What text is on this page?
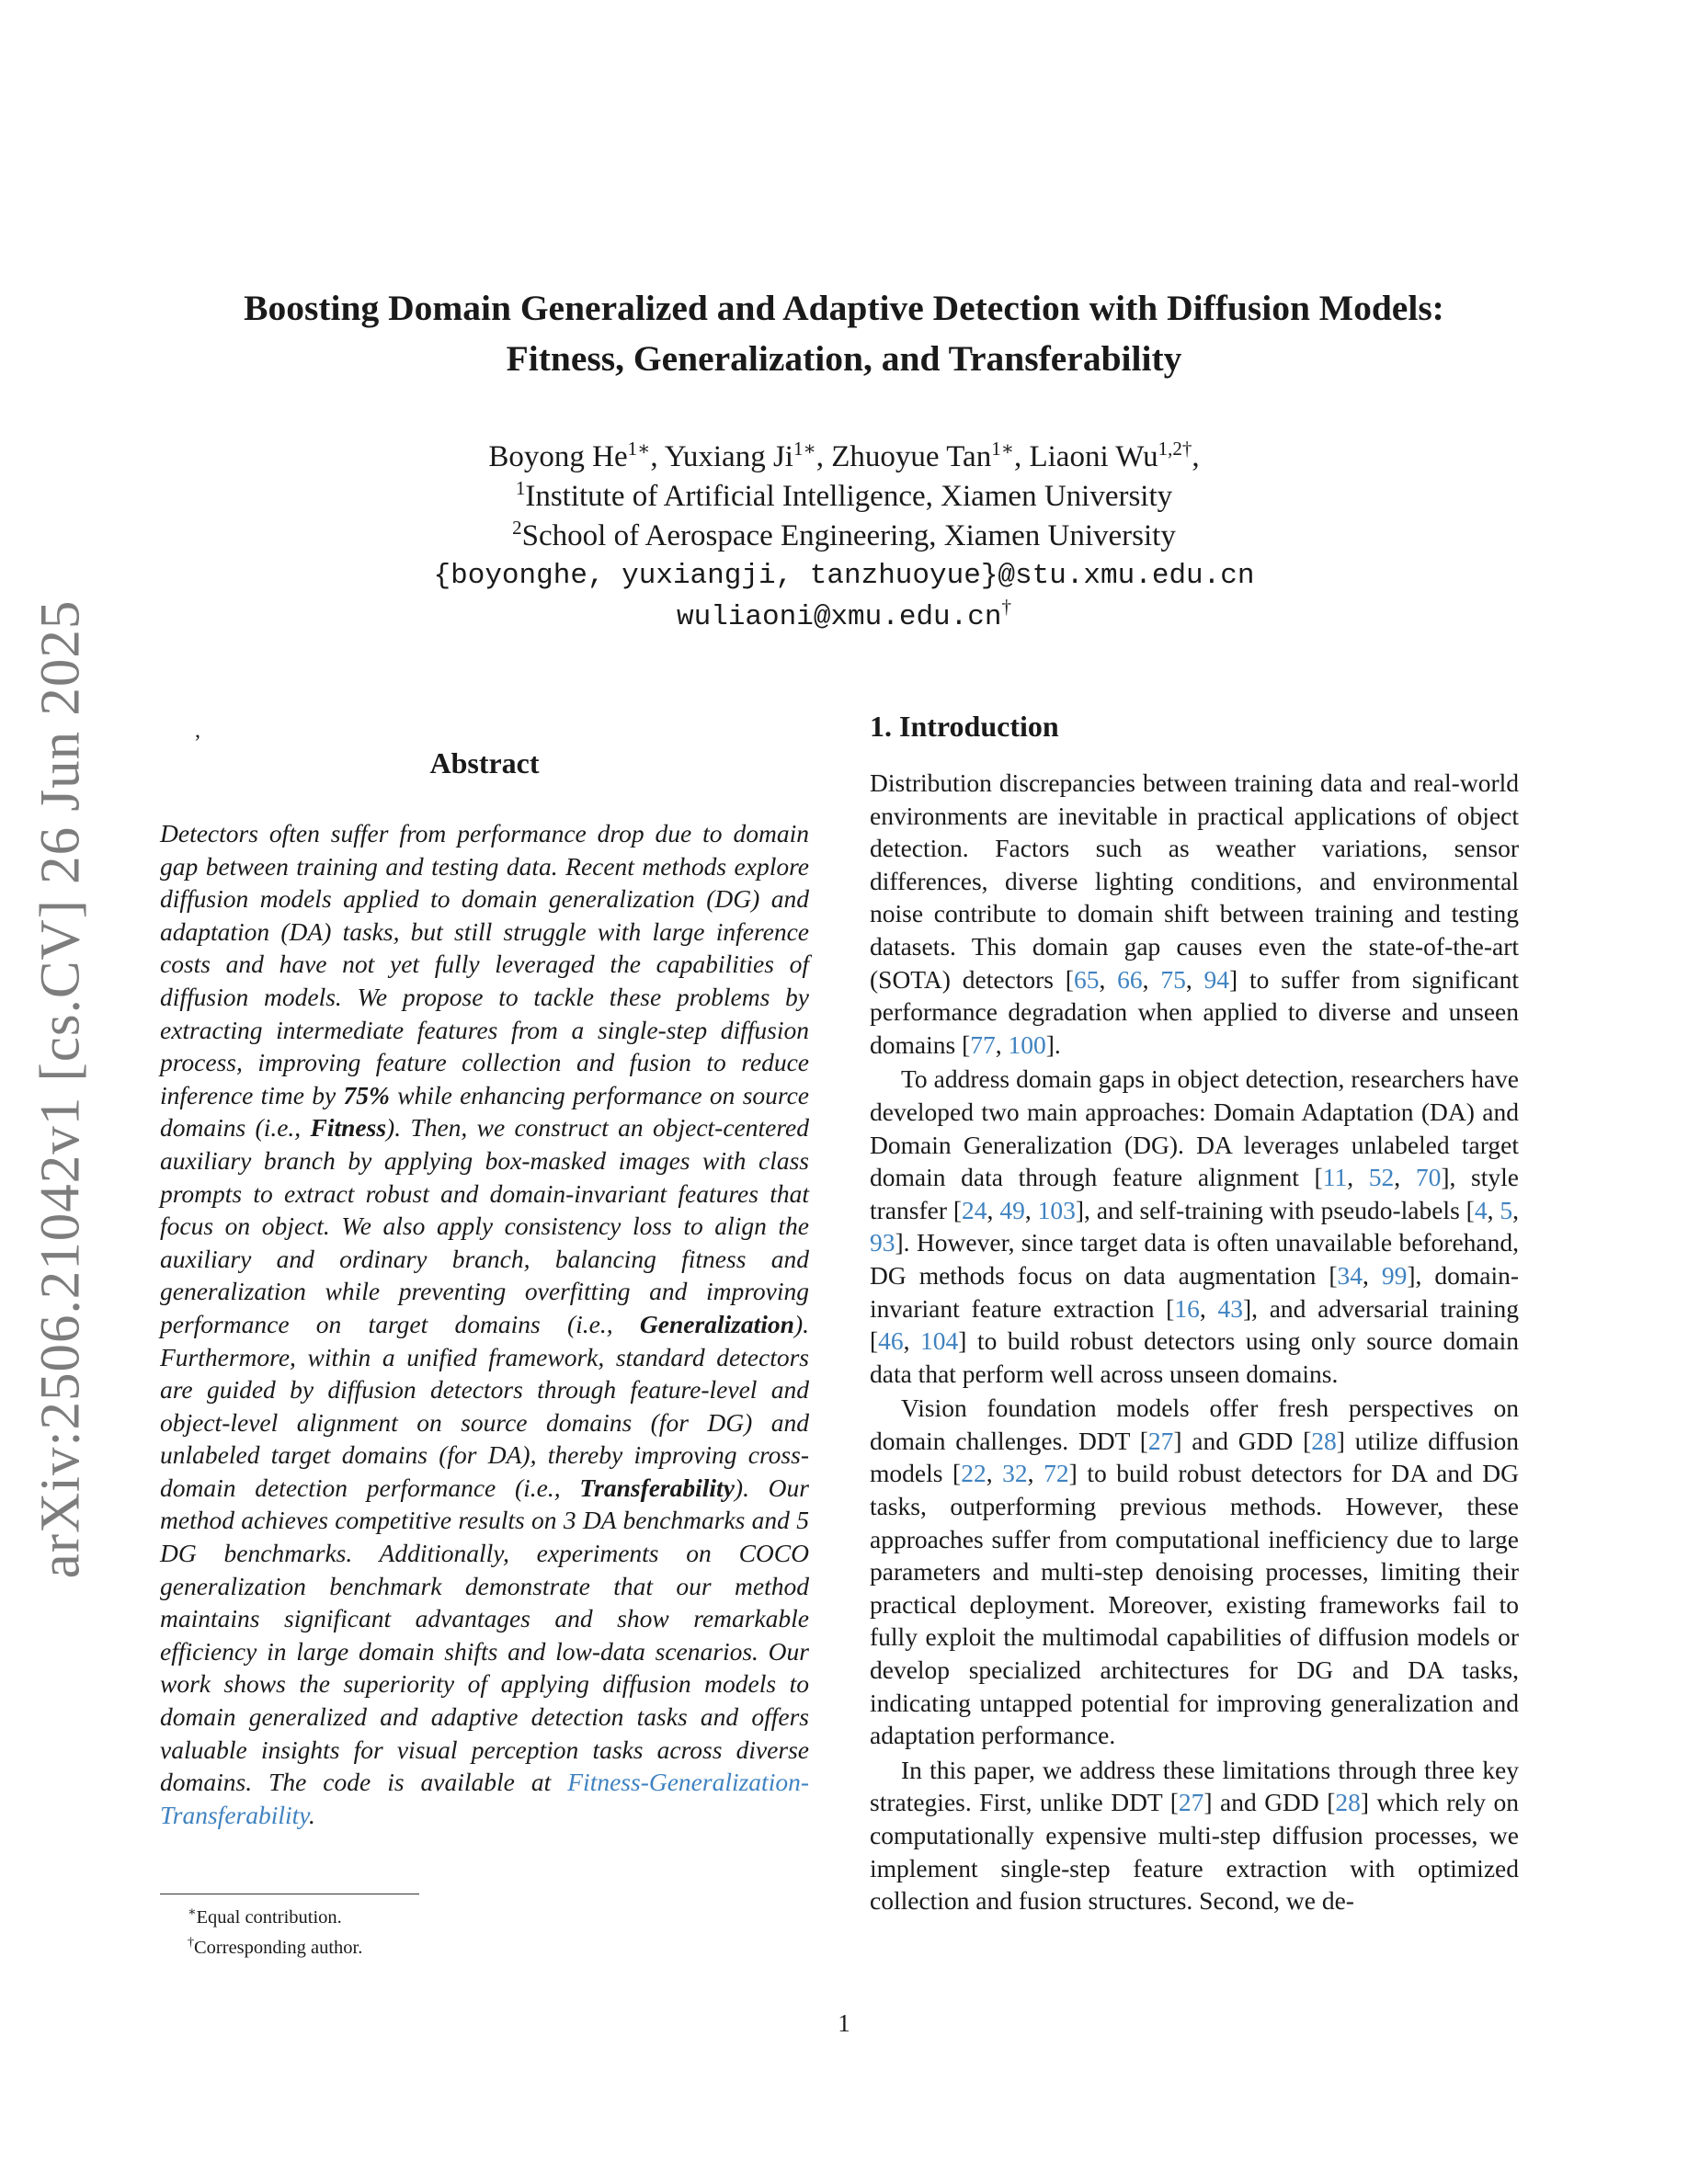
arXiv:2506.21042v1 [cs.CV] 26 Jun 2025
Boosting Domain Generalized and Adaptive Detection with Diffusion Models:
Fitness, Generalization, and Transferability
Boyong $He^{1∗}$, Yuxiang $Ji^{1∗}$, Zhuoyue Tan$^{1∗}$, Liaoni $Wu^{1,2\dagger}$,
$^1$Institute of Artificial Intelligence, Xiamen University
$^2$School of Aerospace Engineering, Xiamen University
{boyonghe, yuxiangji, tanzhuoyue}@stu.xmu.edu.cn
wuliaoni@xmu.edu.cn†
,
Abstract

Detectors often suffer from performance drop due to domain gap between training and testing data. Recent methods explore diffusion models applied to domain generalization (DG) and adaptation (DA) tasks, but still struggle with large inference costs and have not yet fully leveraged the capabilities of diffusion models. We propose to tackle these problems by extracting intermediate features from a single-step diffusion process, improving feature collection and fusion to reduce inference time by 75% while enhancing performance on source domains (i.e., Fitness). Then, we construct an object-centered auxiliary branch by applying box-masked images with class prompts to extract robust and domain-invariant features that focus on object. We also apply consistency loss to align the auxiliary and ordinary branch, balancing fitness and generalization while preventing overfitting and improving performance on target domains (i.e., Generalization). Furthermore, within a unified framework, standard detectors are guided by diffusion detectors through feature-level and object-level alignment on source domains (for DG) and unlabeled target domains (for DA), thereby improving cross-domain detection performance (i.e., Transferability). Our method achieves competitive results on 3 DA benchmarks and 5 DG benchmarks. Additionally, experiments on COCO generalization benchmark demonstrate that our method maintains significant advantages and show remarkable efficiency in large domain shifts and low-data scenarios. Our work shows the superiority of applying diffusion models to domain generalized and adaptive detection tasks and offers valuable insights for visual perception tasks across diverse domains. The code is available at Fitness-Generalization-Transferability.

∗Equal contribution.
†Corresponding author.
1. Introduction

Distribution discrepancies between training data and real-world environments are inevitable in practical applications of object detection. Factors such as weather variations, sensor differences, diverse lighting conditions, and environmental noise contribute to domain shift between training and testing datasets. This domain gap causes even the state-of-the-art (SOTA) detectors [65, 66, 75, 94] to suffer from significant performance degradation when applied to diverse and unseen domains [77, 100].

To address domain gaps in object detection, researchers have developed two main approaches: Domain Adaptation (DA) and Domain Generalization (DG). DA leverages unlabeled target domain data through feature alignment [11, 52, 70], style transfer [24, 49, 103], and self-training with pseudo-labels [4, 5, 93]. However, since target data is often unavailable beforehand, DG methods focus on data augmentation [34, 99], domain-invariant feature extraction [16, 43], and adversarial training [46, 104] to build robust detectors using only source domain data that perform well across unseen domains.

Vision foundation models offer fresh perspectives on domain challenges. DDT [27] and GDD [28] utilize diffusion models [22, 32, 72] to build robust detectors for DA and DG tasks, outperforming previous methods. However, these approaches suffer from computational inefficiency due to large parameters and multi-step denoising processes, limiting their practical deployment. Moreover, existing frameworks fail to fully exploit the multimodal capabilities of diffusion models or develop specialized architectures for DG and DA tasks, indicating untapped potential for improving generalization and adaptation performance.

In this paper, we address these limitations through three key strategies. First, unlike DDT [27] and GDD [28] which rely on computationally expensive multi-step diffusion processes, we implement single-step feature extraction with optimized collection and fusion structures. Second, we de-

1
